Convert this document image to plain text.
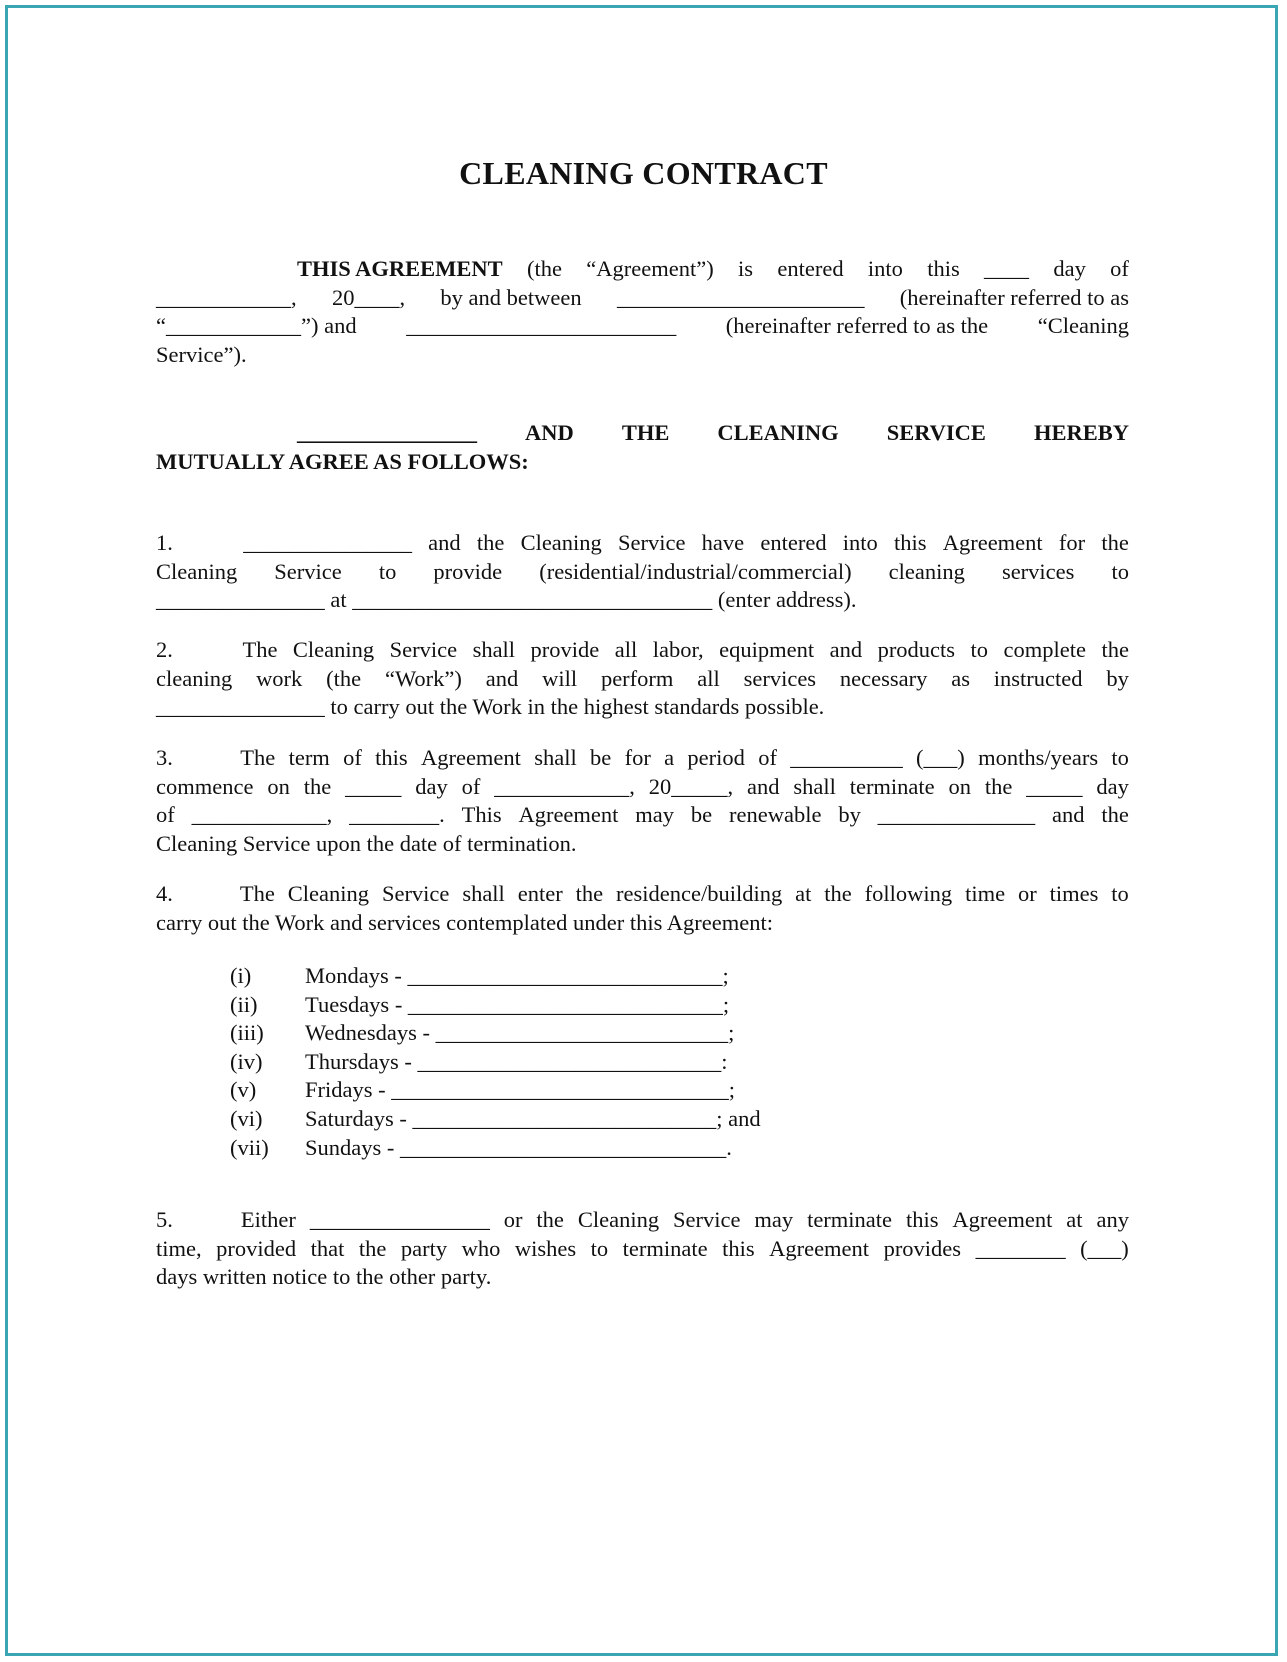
CLEANING CONTRACT
THIS AGREEMENT (the “Agreement”) is entered into this ____ day of
____________, 20____, by and between ______________________ (hereinafter referred to as
“____________”) and ________________________ (hereinafter referred to as the “Cleaning
Service”).
________________ AND THE CLEANING SERVICE HEREBY
MUTUALLY AGREE AS FOLLOWS:
1.	_______________ and the Cleaning Service have entered into this Agreement for the
Cleaning Service to provide (residential/industrial/commercial) cleaning services to
_______________ at ________________________________ (enter address).
2.	The Cleaning Service shall provide all labor, equipment and products to complete the
cleaning work (the “Work”) and will perform all services necessary as instructed by
_______________ to carry out the Work in the highest standards possible.
3.	The term of this Agreement shall be for a period of __________ (___) months/years to
commence on the _____ day of ____________, 20_____, and shall terminate on the _____ day
of ____________, ________. This Agreement may be renewable by ______________ and the
Cleaning Service upon the date of termination.
4.	The Cleaning Service shall enter the residence/building at the following time or times to
carry out the Work and services contemplated under this Agreement:
(i)	Mondays - ____________________________;
(ii)	Tuesdays - ____________________________;
(iii)	Wednesdays - __________________________;
(iv)	Thursdays - ___________________________:
(v)	Fridays - ______________________________;
(vi)	Saturdays - ___________________________; and
(vii)	Sundays - _____________________________.
5.	Either ________________ or the Cleaning Service may terminate this Agreement at any
time, provided that the party who wishes to terminate this Agreement provides ________ (___)
days written notice to the other party.
